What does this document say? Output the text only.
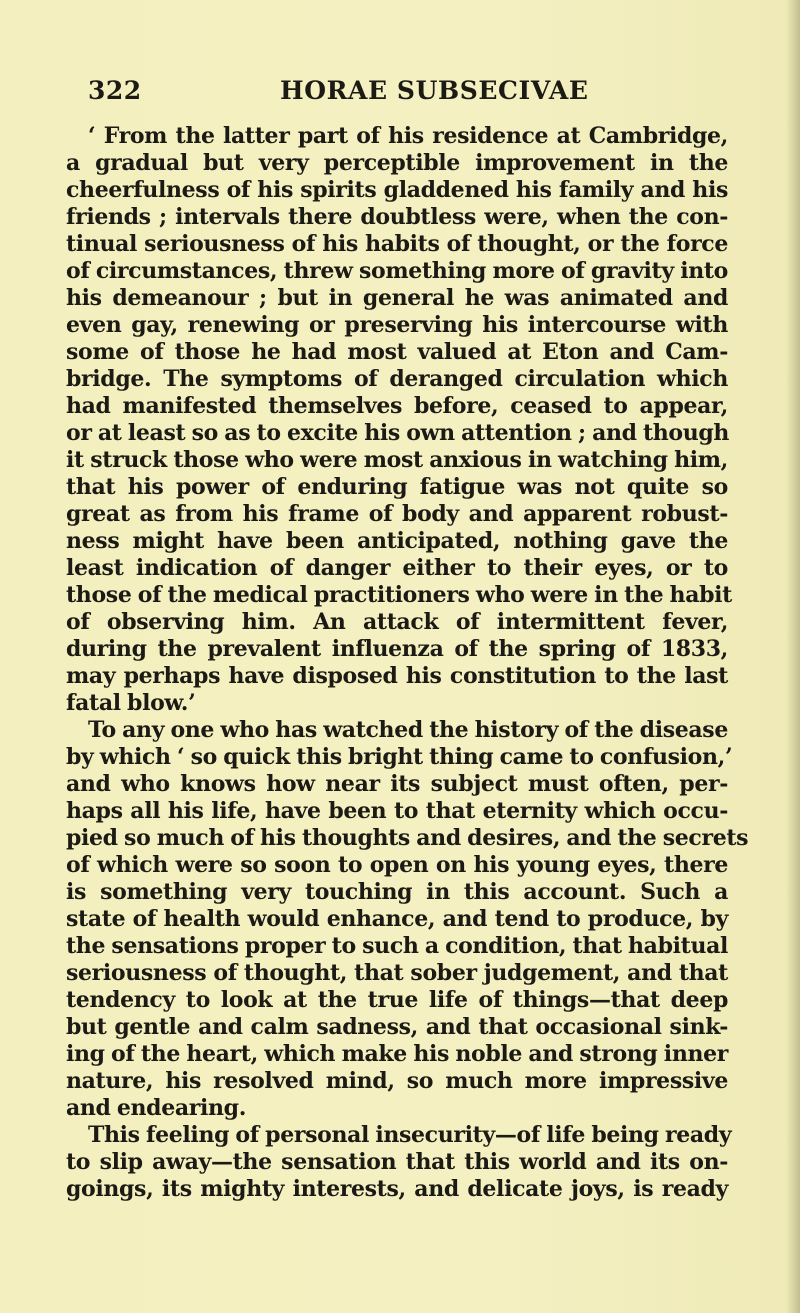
322	HORAE SUBSECIVAE
‘ From the latter part of his residence at Cambridge,
a gradual but very perceptible improvement in the
cheerfulness of his spirits gladdened his family and his
friends ; intervals there doubtless were, when the con-
tinual seriousness of his habits of thought, or the force
of circumstances, threw something more of gravity into
his demeanour ; but in general he was animated and
even gay, renewing or preserving his intercourse with
some of those he had most valued at Eton and Cam-
bridge. The symptoms of deranged circulation which
had manifested themselves before, ceased to appear,
or at least so as to excite his own attention ; and though
it struck those who were most anxious in watching him,
that his power of enduring fatigue was not quite so
great as from his frame of body and apparent robust-
ness might have been anticipated, nothing gave the
least indication of danger either to their eyes, or to
those of the medical practitioners who were in the habit
of observing him. An attack of intermittent fever,
during the prevalent influenza of the spring of 1833,
may perhaps have disposed his constitution to the last
fatal blow.’
To any one who has watched the history of the disease
by which ‘ so quick this bright thing came to confusion,’
and who knows how near its subject must often, per-
haps all his life, have been to that eternity which occu-
pied so much of his thoughts and desires, and the secrets
of which were so soon to open on his young eyes, there
is something very touching in this account. Such a
state of health would enhance, and tend to produce, by
the sensations proper to such a condition, that habitual
seriousness of thought, that sober judgement, and that
tendency to look at the true life of things—that deep
but gentle and calm sadness, and that occasional sink-
ing of the heart, which make his noble and strong inner
nature, his resolved mind, so much more impressive
and endearing.
This feeling of personal insecurity—of life being ready
to slip away—the sensation that this world and its on-
goings, its mighty interests, and delicate joys, is ready
